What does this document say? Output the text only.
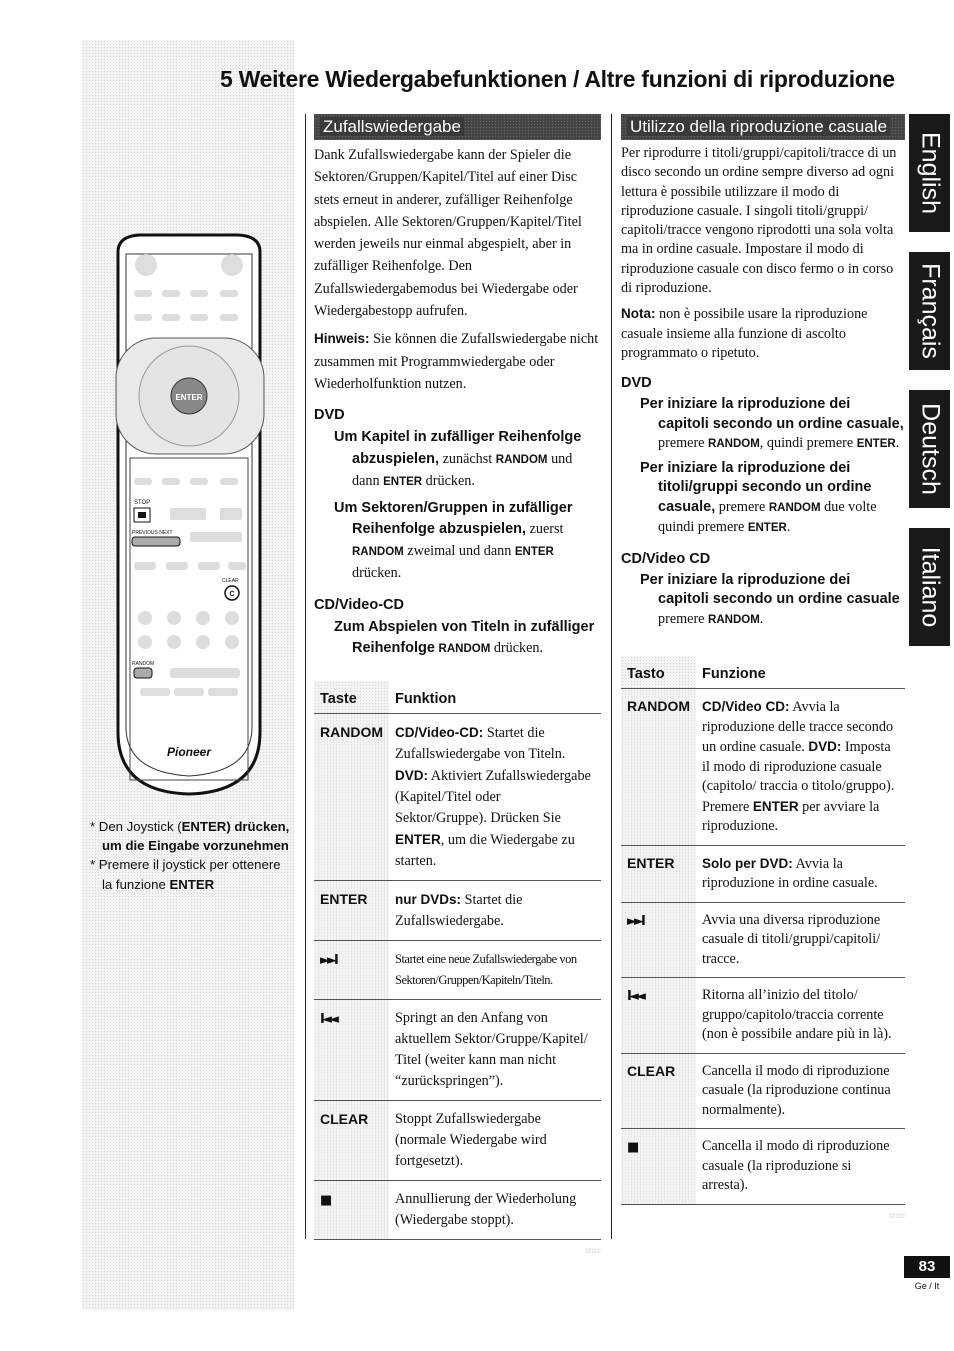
5 Weitere Wiedergabefunktionen / Altre funzioni di riproduzione
ENTER
STOP
PREVIOUS NEXT
CLEAR
C
RANDOM
Pioneer
* Den Joystick (ENTER) drücken, um die Eingabe vorzunehmen
* Premere il joystick per ottenere la funzione ENTER
Zufallswiedergabe

Dank Zufallswiedergabe kann der Spieler die Sektoren/Gruppen/Kapitel/Titel auf einer Disc stets erneut in anderer, zufälliger Reihenfolge abspielen. Alle Sektoren/Gruppen/Kapitel/Titel werden jeweils nur einmal abgespielt, aber in zufälliger Reihenfolge. Den Zufallswiedergabemodus bei Wiedergabe oder Wiedergabestopp aufrufen.

Hinweis: Sie können die Zufallswiedergabe nicht zusammen mit Programmwiedergabe oder Wiederholfunktion nutzen.

DVD

Um Kapitel in zufälliger Reihenfolge abzuspielen, zunächst RANDOM und dann ENTER drücken.

Um Sektoren/Gruppen in zufälliger Reihenfolge abzuspielen, zuerst RANDOM zweimal und dann ENTER drücken.

CD/Video-CD

Zum Abspielen von Titeln in zufälliger Reihenfolge RANDOM drücken.

Taste	Funktion
RANDOM	CD/Video-CD: Startet die Zufallswiedergabe von Titeln. DVD: Aktiviert Zufallswiedergabe (Kapitel/Titel oder Sektor/Gruppe). Drücken Sie ENTER, um die Wiedergabe zu starten.
ENTER	nur DVDs: Startet die Zufallswiedergabe.
►►I	Startet eine neue Zufallswiedergabe von Sektoren/Gruppen/Kapiteln/Titeln.
I◄◄	Springt an den Anfang von aktuellem Sektor/Gruppe/Kapitel/ Titel (weiter kann man nicht “zurückspringen”).
CLEAR	Stoppt Zufallswiedergabe (normale Wiedergabe wird fortgesetzt).
■	Annullierung der Wiederholung (Wiedergabe stoppt).
Utilizzo della riproduzione casuale

Per riprodurre i titoli/gruppi/capitoli/tracce di un disco secondo un ordine sempre diverso ad ogni lettura è possibile utilizzare il modo di riproduzione casuale. I singoli titoli/gruppi/ capitoli/tracce vengono riprodotti una sola volta ma in ordine casuale. Impostare il modo di riproduzione casuale con disco fermo o in corso di riproduzione.

Nota: non è possibile usare la riproduzione casuale insieme alla funzione di ascolto programmato o ripetuto.

DVD

Per iniziare la riproduzione dei capitoli secondo un ordine casuale, premere RANDOM, quindi premere ENTER.

Per iniziare la riproduzione dei titoli/gruppi secondo un ordine casuale, premere RANDOM due volte quindi premere ENTER.

CD/Video CD

Per iniziare la riproduzione dei capitoli secondo un ordine casuale premere RANDOM.

Tasto	Funzione
RANDOM	CD/Video CD: Avvia la riproduzione delle tracce secondo un ordine casuale. DVD: Imposta il modo di riproduzione casuale (capitolo/ traccia o titolo/gruppo). Premere ENTER per avviare la riproduzione.
ENTER	Solo per DVD: Avvia la riproduzione in ordine casuale.
►►I	Avvia una diversa riproduzione casuale di titoli/gruppi/capitoli/ tracce.
I◄◄	Ritorna all’inizio del titolo/ gruppo/capitolo/traccia corrente (non è possibile andare più in là).
CLEAR	Cancella il modo di riproduzione casuale (la riproduzione continua normalmente).
■	Cancella il modo di riproduzione casuale (la riproduzione si arresta).
English
Français
Deutsch
Italiano
83
Ge / It
